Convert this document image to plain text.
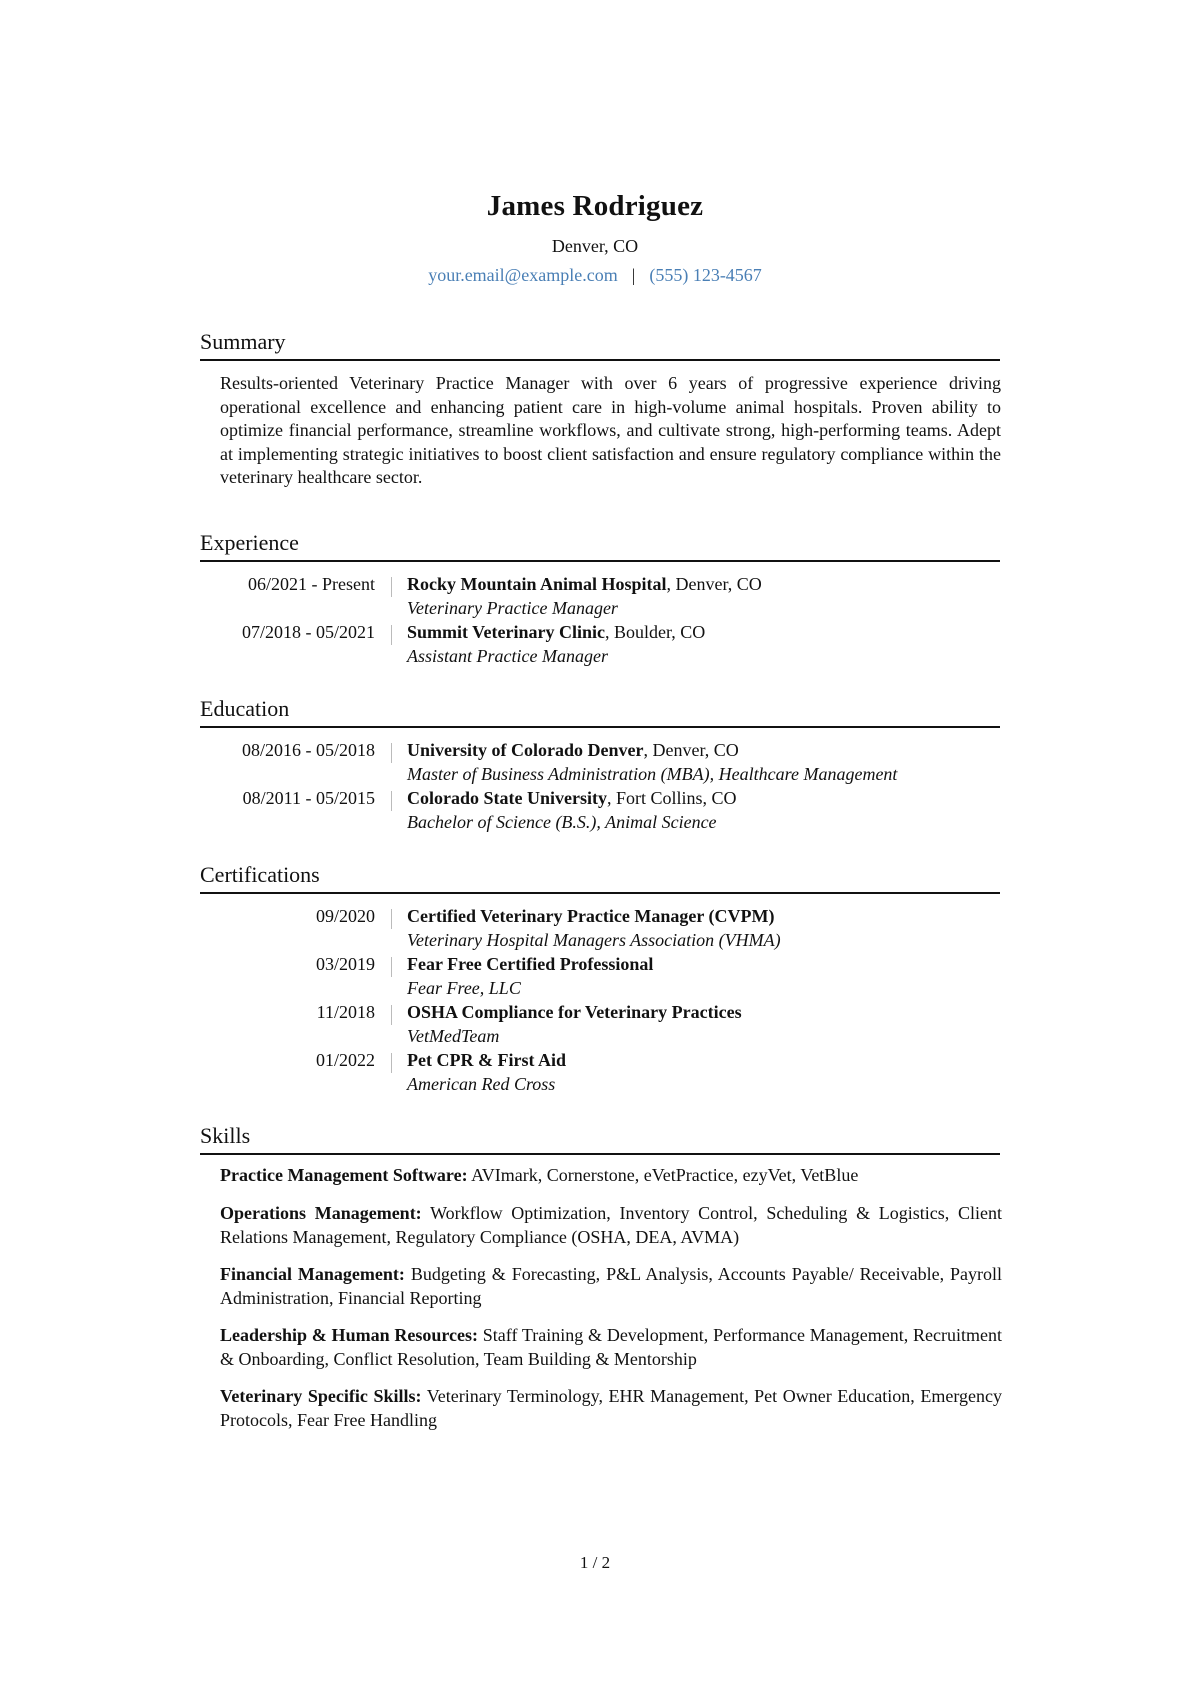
James Rodriguez
Denver, CO
your.email@example.com | (555) 123-4567
Summary
Results-oriented Veterinary Practice Manager with over 6 years of progressive experience driving operational excellence and enhancing patient care in high-volume animal hospitals. Proven ability to optimize financial performance, streamline workflows, and cultivate strong, high-performing teams. Adept at implementing strategic initiatives to boost client satisfaction and ensure regulatory compliance within the veterinary healthcare sector.
Experience
06/2021 - Present Rocky Mountain Animal Hospital, Denver, CO
Veterinary Practice Manager
07/2018 - 05/2021 Summit Veterinary Clinic, Boulder, CO
Assistant Practice Manager
Education
08/2016 - 05/2018 University of Colorado Denver, Denver, CO
Master of Business Administration (MBA), Healthcare Management
08/2011 - 05/2015 Colorado State University, Fort Collins, CO
Bachelor of Science (B.S.), Animal Science
Certifications
09/2020 Certified Veterinary Practice Manager (CVPM)
Veterinary Hospital Managers Association (VHMA)
03/2019 Fear Free Certified Professional
Fear Free, LLC
11/2018 OSHA Compliance for Veterinary Practices
VetMedTeam
01/2022 Pet CPR & First Aid
American Red Cross
Skills
Practice Management Software: AVImark, Cornerstone, eVetPractice, ezyVet, VetBlue
Operations Management: Workflow Optimization, Inventory Control, Scheduling & Logistics, Client Relations Management, Regulatory Compliance (OSHA, DEA, AVMA)
Financial Management: Budgeting & Forecasting, P&L Analysis, Accounts Payable/ Receivable, Payroll Administration, Financial Reporting
Leadership & Human Resources: Staff Training & Development, Performance Management, Recruitment & Onboarding, Conflict Resolution, Team Building & Mentorship
Veterinary Specific Skills: Veterinary Terminology, EHR Management, Pet Owner Education, Emergency Protocols, Fear Free Handling
1 / 2
